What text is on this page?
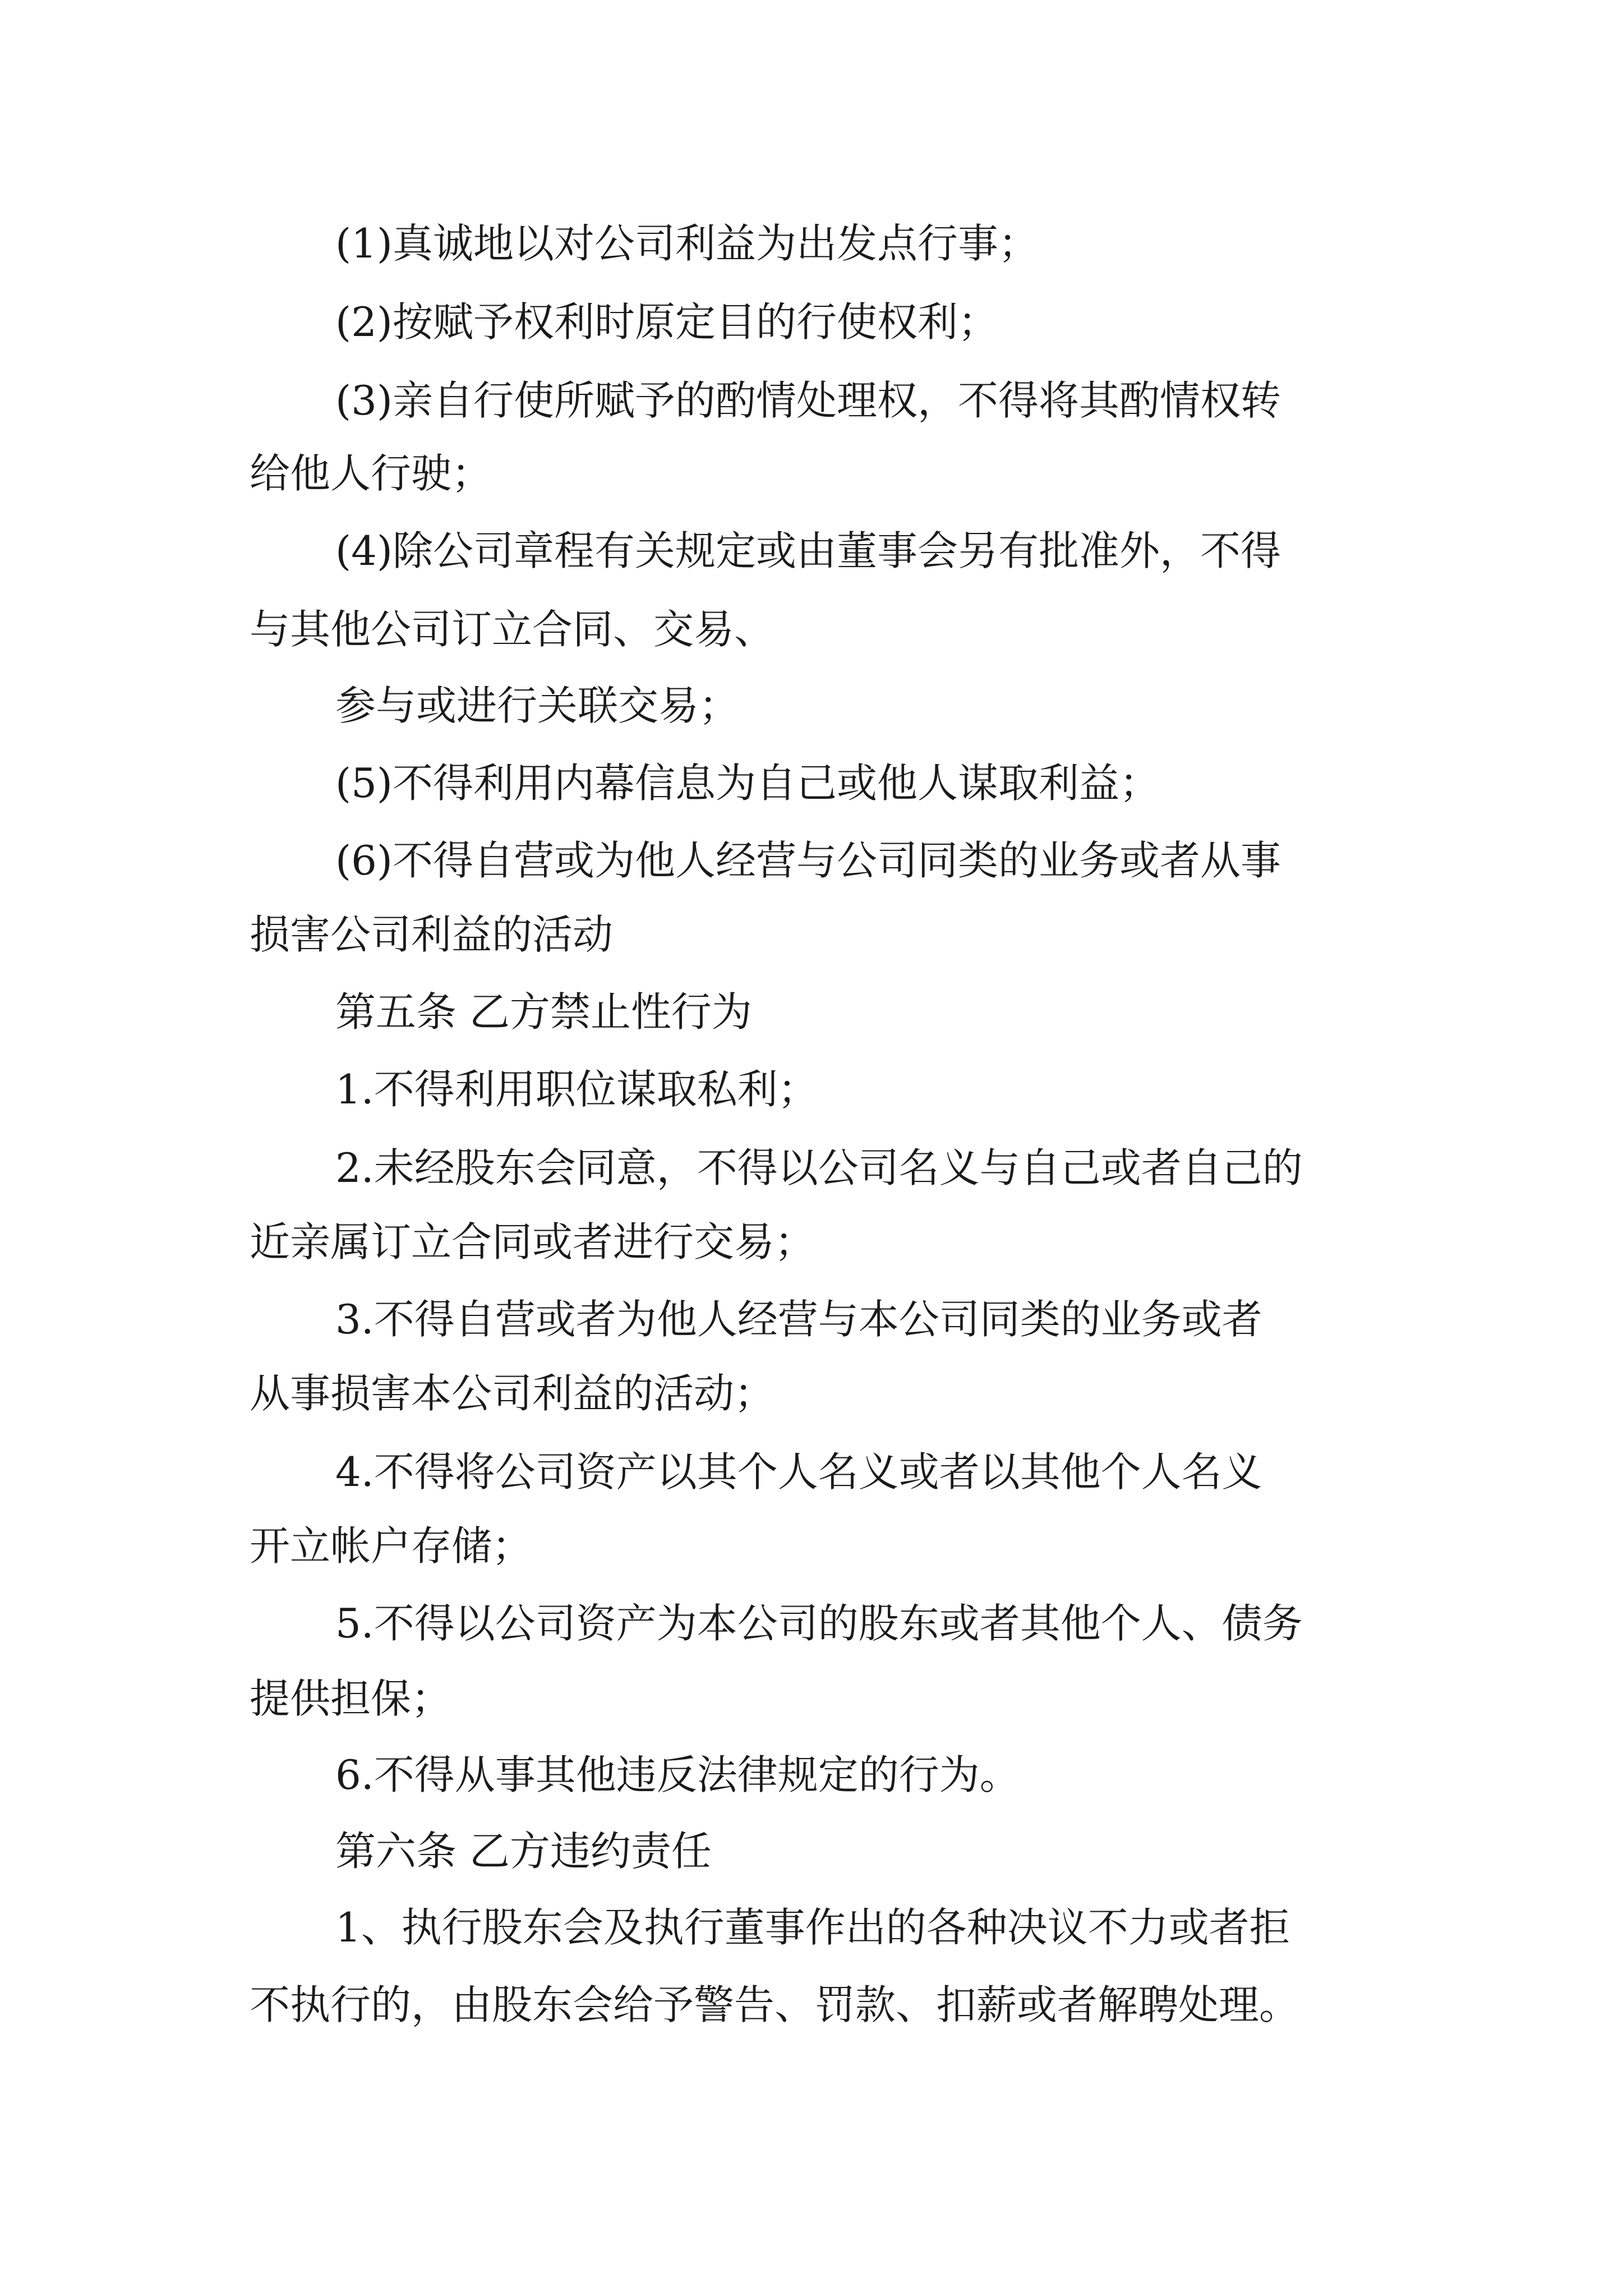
(1)真诚地以对公司利益为出发点行事；

(2)按赋予权利时原定目的行使权利；

(3)亲自行使所赋予的酌情处理权，不得将其酌情权转

给他人行驶；

(4)除公司章程有关规定或由董事会另有批准外，不得

与其他公司订立合同、交易、

参与或进行关联交易；

(5)不得利用内幕信息为自己或他人谋取利益；

(6)不得自营或为他人经营与公司同类的业务或者从事

损害公司利益的活动

第五条 乙方禁止性行为

1.不得利用职位谋取私利；

2.未经股东会同意，不得以公司名义与自己或者自己的

近亲属订立合同或者进行交易；

3.不得自营或者为他人经营与本公司同类的业务或者

从事损害本公司利益的活动；

4.不得将公司资产以其个人名义或者以其他个人名义

开立帐户存储；

5.不得以公司资产为本公司的股东或者其他个人、债务

提供担保；

6.不得从事其他违反法律规定的行为。

第六条 乙方违约责任

1、执行股东会及执行董事作出的各种决议不力或者拒

不执行的，由股东会给予警告、罚款、扣薪或者解聘处理。
